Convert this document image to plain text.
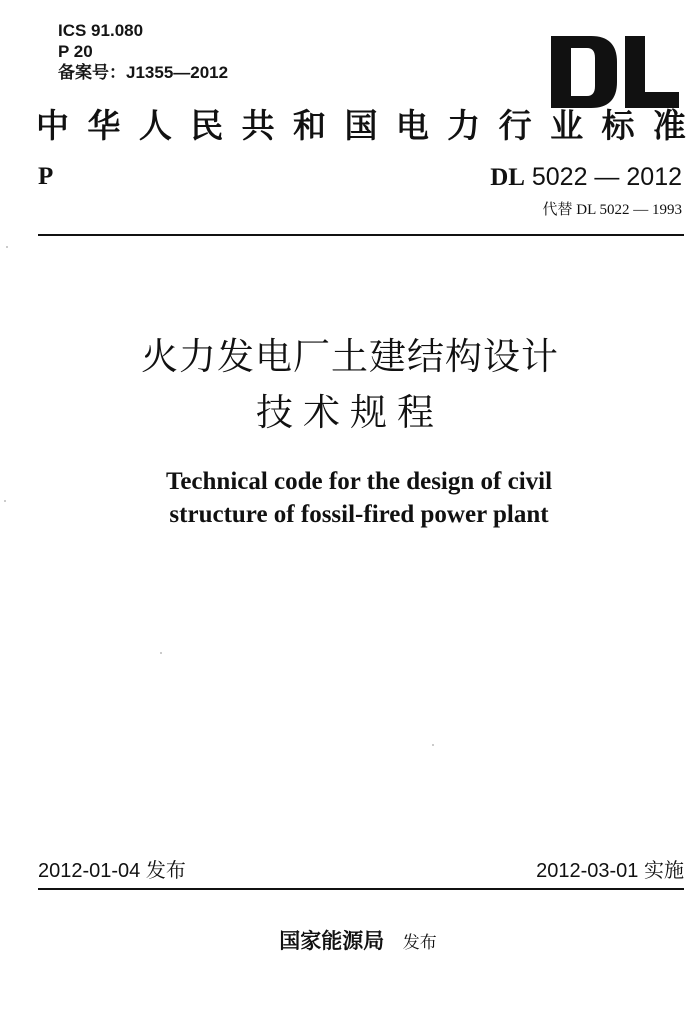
ICS 91.080
P 20
备案号：J1355—2012
中 华 人 民 共 和 国 电 力 行 业 标 准
P	DL 5022 — 2012
代替 DL 5022 — 1993
火力发电厂土建结构设计
技术规程
Technical code for the design of civil
structure of fossil-fired power plant
2012-01-04 发布	2012-03-01 实施
国家能源局 发布
